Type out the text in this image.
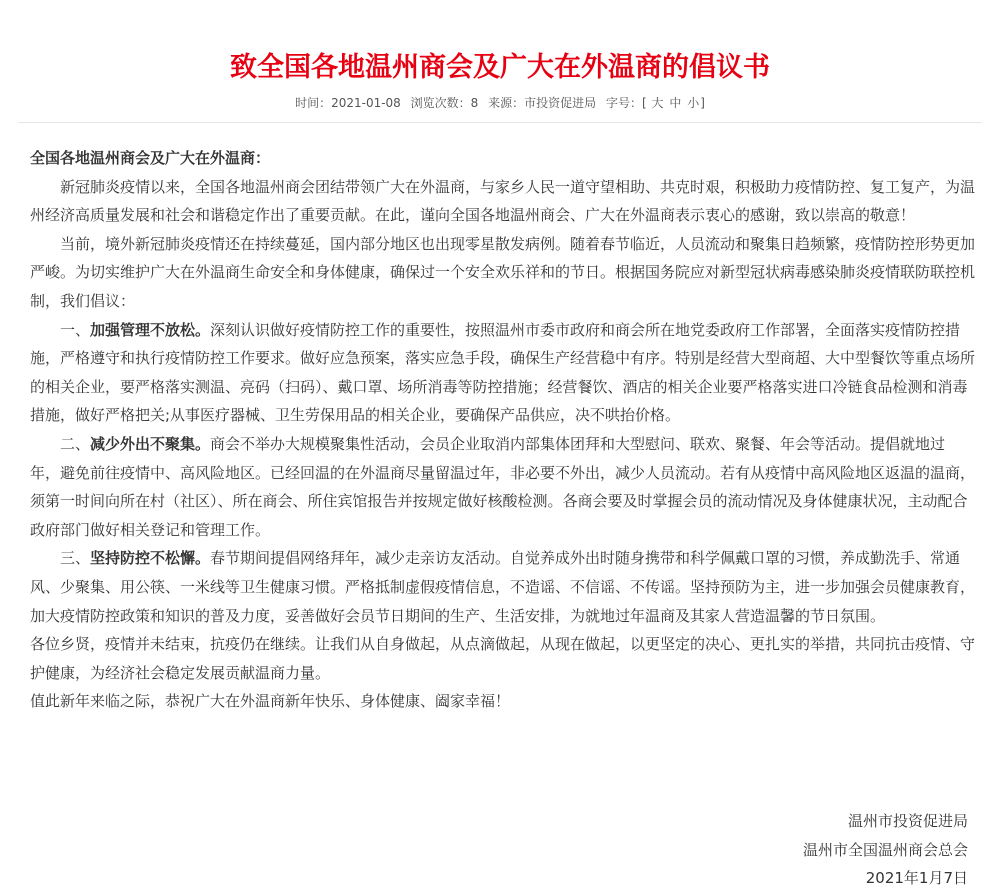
致全国各地温州商会及广大在外温商的倡议书
时间：2021-01-08 浏览次数：8 来源：市投资促进局 字号：[ 大 中 小]

全国各地温州商会及广大在外温商：

新冠肺炎疫情以来，全国各地温州商会团结带领广大在外温商，与家乡人民一道守望相助、共克时艰，积极助力疫情防控、复工复产，为温州经济高质量发展和社会和谐稳定作出了重要贡献。在此，谨向全国各地温州商会、广大在外温商表示衷心的感谢，致以崇高的敬意！

当前，境外新冠肺炎疫情还在持续蔓延，国内部分地区也出现零星散发病例。随着春节临近，人员流动和聚集日趋频繁，疫情防控形势更加严峻。为切实维护广大在外温商生命安全和身体健康，确保过一个安全欢乐祥和的节日。根据国务院应对新型冠状病毒感染肺炎疫情联防联控机制，我们倡议：

一、加强管理不放松。深刻认识做好疫情防控工作的重要性，按照温州市委市政府和商会所在地党委政府工作部署，全面落实疫情防控措施，严格遵守和执行疫情防控工作要求。做好应急预案，落实应急手段，确保生产经营稳中有序。特别是经营大型商超、大中型餐饮等重点场所的相关企业，要严格落实测温、亮码（扫码）、戴口罩、场所消毒等防控措施；经营餐饮、酒店的相关企业要严格落实进口冷链食品检测和消毒措施，做好严格把关;从事医疗器械、卫生劳保用品的相关企业，要确保产品供应，决不哄抬价格。

二、减少外出不聚集。商会不举办大规模聚集性活动，会员企业取消内部集体团拜和大型慰问、联欢、聚餐、年会等活动。提倡就地过年，避免前往疫情中、高风险地区。已经回温的在外温商尽量留温过年，非必要不外出，减少人员流动。若有从疫情中高风险地区返温的温商，须第一时间向所在村（社区）、所在商会、所住宾馆报告并按规定做好核酸检测。各商会要及时掌握会员的流动情况及身体健康状况，主动配合政府部门做好相关登记和管理工作。

三、坚持防控不松懈。春节期间提倡网络拜年，减少走亲访友活动。自觉养成外出时随身携带和科学佩戴口罩的习惯，养成勤洗手、常通风、少聚集、用公筷、一米线等卫生健康习惯。严格抵制虚假疫情信息，不造谣、不信谣、不传谣。坚持预防为主，进一步加强会员健康教育，加大疫情防控政策和知识的普及力度，妥善做好会员节日期间的生产、生活安排，为就地过年温商及其家人营造温馨的节日氛围。

各位乡贤，疫情并未结束，抗疫仍在继续。让我们从自身做起，从点滴做起，从现在做起，以更坚定的决心、更扎实的举措，共同抗击疫情、守护健康，为经济社会稳定发展贡献温商力量。

值此新年来临之际，恭祝广大在外温商新年快乐、身体健康、阖家幸福！

温州市投资促进局

温州市全国温州商会总会

2021年1月7日
